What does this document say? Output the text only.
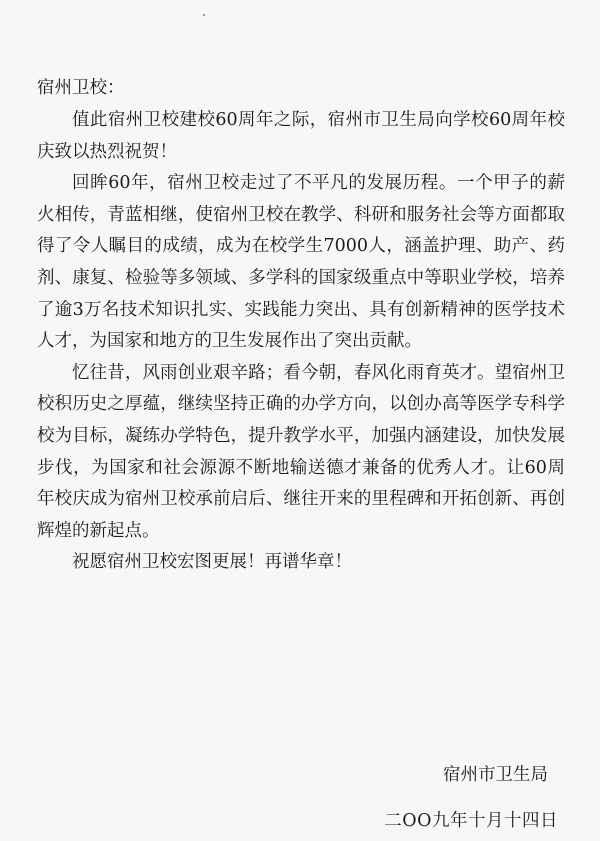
宿州卫校：

值此宿州卫校建校60周年之际，宿州市卫生局向学校60周年校庆致以热烈祝贺！

回眸60年，宿州卫校走过了不平凡的发展历程。一个甲子的薪火相传，青蓝相继，使宿州卫校在教学、科研和服务社会等方面都取得了令人瞩目的成绩，成为在校学生7000人，涵盖护理、助产、药剂、康复、检验等多领域、多学科的国家级重点中等职业学校，培养了逾3万名技术知识扎实、实践能力突出、具有创新精神的医学技术人才，为国家和地方的卫生发展作出了突出贡献。

忆往昔，风雨创业艰辛路；看今朝，春风化雨育英才。望宿州卫校积历史之厚蕴，继续坚持正确的办学方向，以创办高等医学专科学校为目标，凝练办学特色，提升教学水平，加强内涵建设，加快发展步伐，为国家和社会源源不断地输送德才兼备的优秀人才。让60周年校庆成为宿州卫校承前启后、继往开来的里程碑和开拓创新、再创辉煌的新起点。

祝愿宿州卫校宏图更展！再谱华章！

宿州市卫生局
二OO九年十月十四日
